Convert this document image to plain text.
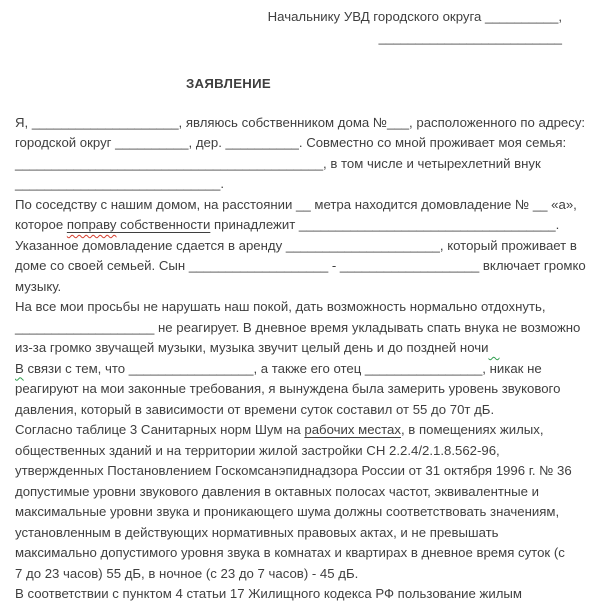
Начальнику УВД городского округа __________,
_________________________
ЗАЯВЛЕНИЕ
Я, ____________________, являюсь собственником дома №___, расположенного по адресу:
городской округ __________, дер. __________. Совместно со мной проживает моя семья:
__________________________________________, в том числе и четырехлетний внук
____________________________.
По соседству с нашим домом, на расстоянии __ метра находится домовладение № __ «а»,
которое поправу собственности принадлежит ___________________________________.
Указанное домовладение сдается в аренду _____________________, который проживает в
доме со своей семьей. Сын ___________________ - ___________________ включает громко
музыку.
На все мои просьбы не нарушать наш покой, дать возможность нормально отдохнуть,
___________________ не реагирует. В дневное время укладывать спать внука не возможно
из-за громко звучащей музыки, музыка звучит целый день и до поздней ночи
В связи с тем, что _________________, а также его отец ________________, никак не
реагируют на мои законные требования, я вынуждена была замерить уровень звукового
давления, который в зависимости от времени суток составил от 55 до 70т дБ.
Согласно таблице 3 Санитарных норм Шум на рабочих местах, в помещениях жилых,
общественных зданий и на территории жилой застройки СН 2.2.4/2.1.8.562-96,
утвержденных Постановлением Госкомсанэпиднадзора России от 31 октября 1996 г. № 36
допустимые уровни звукового давления в октавных полосах частот, эквивалентные и
максимальные уровни звука и проникающего шума должны соответствовать значениям,
установленным в действующих нормативных правовых актах, и не превышать
максимально допустимого уровня звука в комнатах и квартирах в дневное время суток (с
7 до 23 часов) 55 дБ, в ночное (с 23 до 7 часов) - 45 дБ.
В соответствии с пунктом 4 статьи 17 Жилищного кодекса РФ пользование жилым
